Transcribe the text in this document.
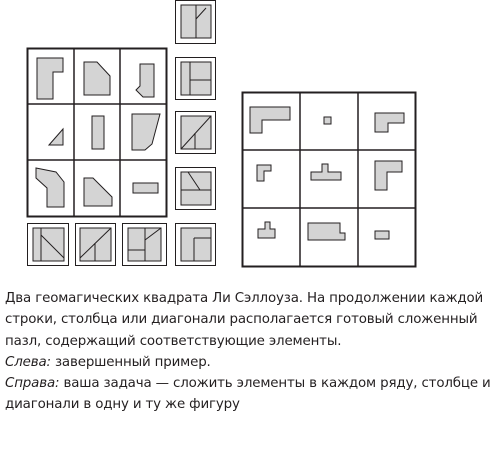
Два геомагических квадрата Ли Сэллоуза. На продолжении каждой строки, столбца или диагонали располагается готовый сложенный пазл, содержащий соответствующие элементы.

Слева: завершенный пример.

Справа: ваша задача — сложить элементы в каждом ряду, столбце и диагонали в одну и ту же фигуру
